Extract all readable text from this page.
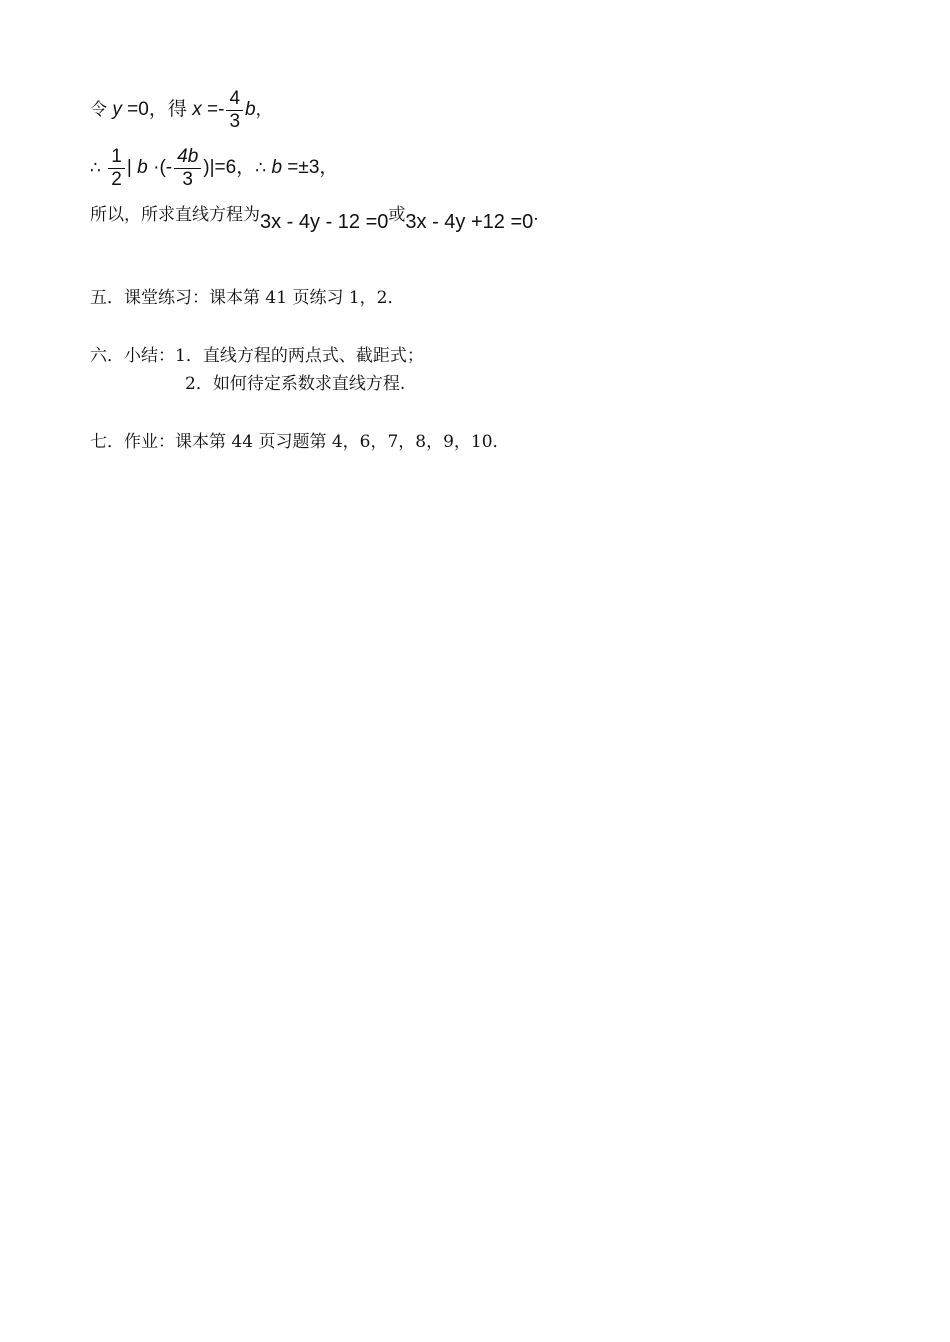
令 y =0，得 $x =- \frac{4}{3}$ b，
∴ $\frac{1}{2}$ | b ·(- $\frac{4b}{3} )|=6$，∴ b =±3，
所以，所求直线方程为3x - 4y - 12 =0或3x - 4y +12 =0.
五．课堂练习：课本第 41 页练习 1，2．
六．小结：1．直线方程的两点式、截距式；
2．如何待定系数求直线方程.
七．作业：课本第 44 页习题第 4，6，7，8，9，10．
